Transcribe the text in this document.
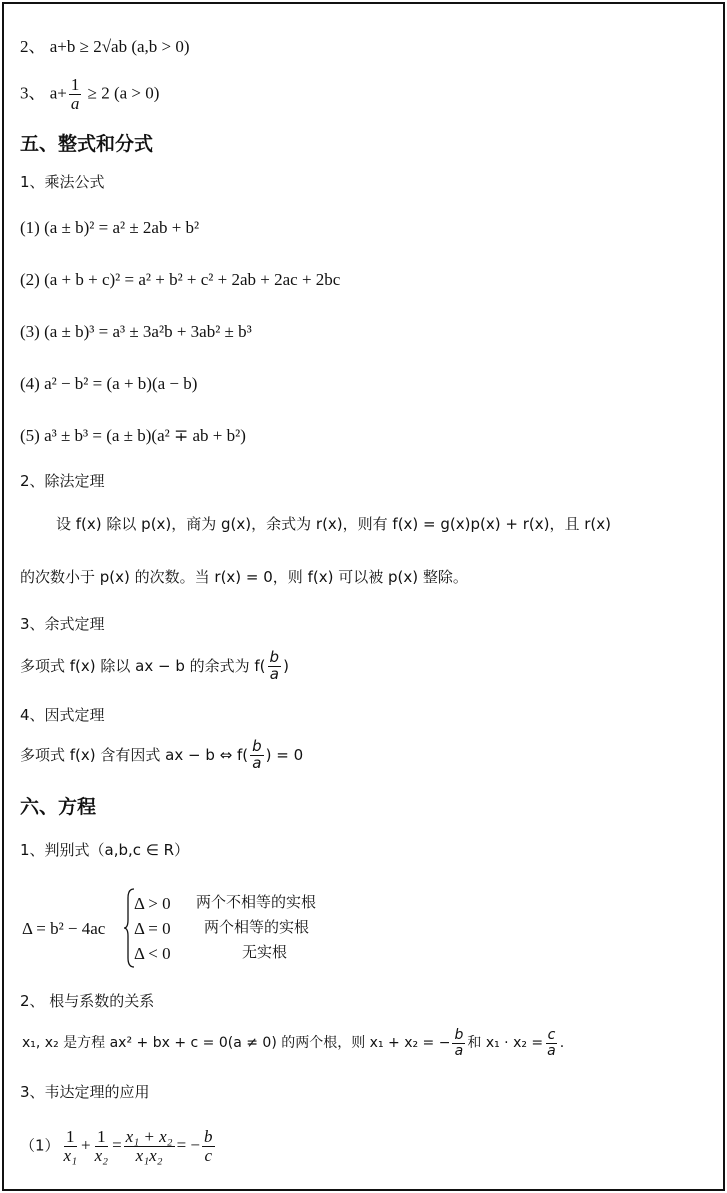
2、 a+b ≥ 2√ab (a,b > 0)
3、 $a+ \frac{1}{a} \ge 2$ (a > 0)
五、整式和分式
1、乘法公式
(1) (a ± b)² = a² ± 2ab + b²
(2) (a + b + c)² = a² + b² + c² + 2ab + 2ac + 2bc
(3) (a ± b)³ = a³ ± 3a²b + 3ab² ± b³
(4) a² − b² = (a + b)(a − b)
(5) a³ ± b³ = (a ± b)(a² ∓ ab + b²)
2、除法定理
设 f(x) 除以 p(x)，商为 g(x)，余式为 r(x)，则有 f(x) = g(x)p(x) + r(x)，且 r(x)
的次数小于 p(x) 的次数。当 r(x) = 0，则 f(x) 可以被 p(x) 整除。
3、余式定理
多项式 f(x) 除以 ax − b 的余式为 $f( \frac{b}{a}$ )
4、因式定理
多项式 f(x) 含有因式 ax − b ⇔ $f( \frac{b}{a}$ ) = 0
六、方程
1、判别式（a,b,c ∈ R）
Δ = b² − 4ac
Δ > 0 两个不相等的实根
Δ = 0 两个相等的实根
Δ < 0	无实根
2、 根与系数的关系
x₁, x₂ 是方程 ax² + bx + c = 0(a ≠ 0) 的两个根，则 x₁ + x₂ = − $\frac{b}{a}$ 和 $x_1 \cdot x_2 = \frac{c}{a}$ .
3、韦达定理的应用
$(1) \frac{1}{\text{x₁}} + \frac{1}{\text{x₂}} = \frac{\text{x₁ + x₂}}{\text{x₁x₂}}$ = − $\frac{b}{c}$
